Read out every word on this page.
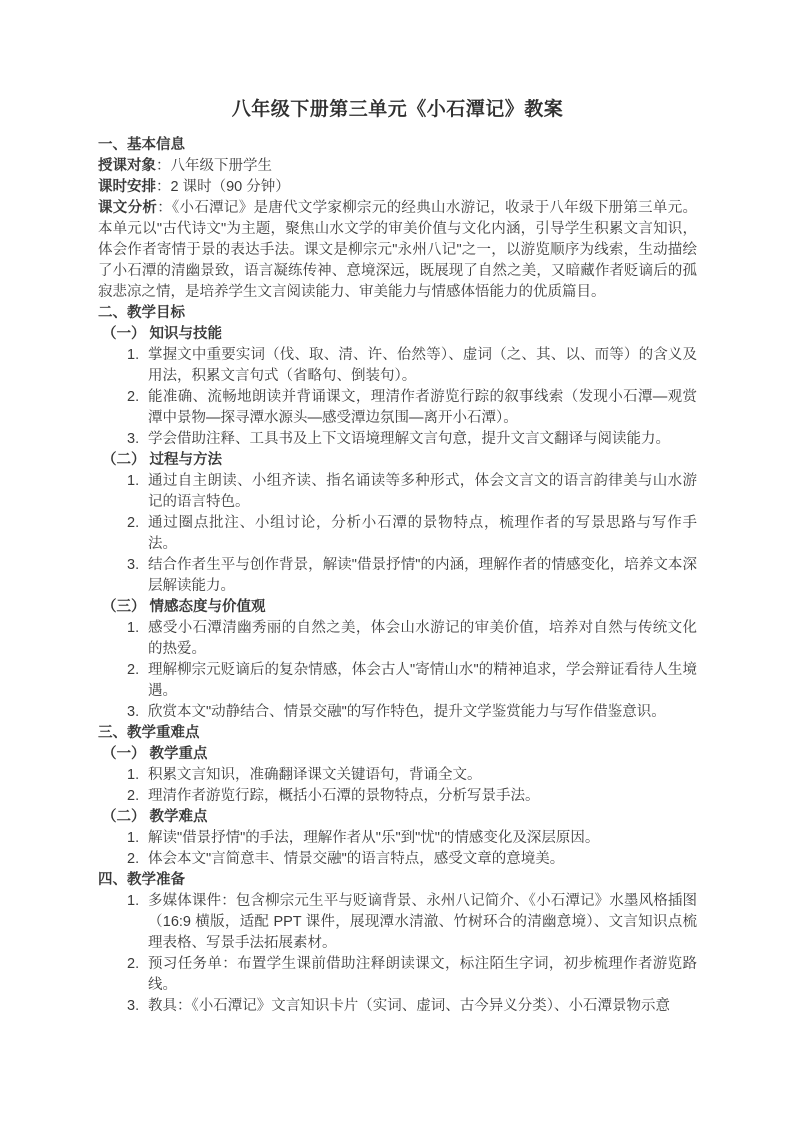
八年级下册第三单元《小石潭记》教案
一、基本信息
授课对象：八年级下册学生
课时安排：2 课时（90 分钟）
课文分析：《小石潭记》是唐代文学家柳宗元的经典山水游记，收录于八年级下册第三单元。本单元以"古代诗文"为主题，聚焦山水文学的审美价值与文化内涵，引导学生积累文言知识，体会作者寄情于景的表达手法。课文是柳宗元"永州八记"之一，以游览顺序为线索，生动描绘了小石潭的清幽景致，语言凝练传神、意境深远，既展现了自然之美，又暗藏作者贬谪后的孤寂悲凉之情，是培养学生文言阅读能力、审美能力与情感体悟能力的优质篇目。
二、教学目标
（一） 知识与技能
1. 掌握文中重要实词（伐、取、清、许、佁然等）、虚词（之、其、以、而等）的含义及用法，积累文言句式（省略句、倒装句）。
2. 能准确、流畅地朗读并背诵课文，理清作者游览行踪的叙事线索（发现小石潭—观赏潭中景物—探寻潭水源头—感受潭边氛围—离开小石潭）。
3. 学会借助注释、工具书及上下文语境理解文言句意，提升文言文翻译与阅读能力。
（二） 过程与方法
1. 通过自主朗读、小组齐读、指名诵读等多种形式，体会文言文的语言韵律美与山水游记的语言特色。
2. 通过圈点批注、小组讨论，分析小石潭的景物特点，梳理作者的写景思路与写作手法。
3. 结合作者生平与创作背景，解读"借景抒情"的内涵，理解作者的情感变化，培养文本深层解读能力。
（三） 情感态度与价值观
1. 感受小石潭清幽秀丽的自然之美，体会山水游记的审美价值，培养对自然与传统文化的热爱。
2. 理解柳宗元贬谪后的复杂情感，体会古人"寄情山水"的精神追求，学会辩证看待人生境遇。
3. 欣赏本文"动静结合、情景交融"的写作特色，提升文学鉴赏能力与写作借鉴意识。
三、教学重难点
（一） 教学重点
1. 积累文言知识，准确翻译课文关键语句，背诵全文。
2. 理清作者游览行踪，概括小石潭的景物特点，分析写景手法。
（二） 教学难点
1. 解读"借景抒情"的手法，理解作者从"乐"到"忧"的情感变化及深层原因。
2. 体会本文"言简意丰、情景交融"的语言特点，感受文章的意境美。
四、教学准备
1. 多媒体课件：包含柳宗元生平与贬谪背景、永州八记简介、《小石潭记》水墨风格插图（16:9 横版，适配 PPT 课件，展现潭水清澈、竹树环合的清幽意境）、文言知识点梳理表格、写景手法拓展素材。
2. 预习任务单：布置学生课前借助注释朗读课文，标注陌生字词，初步梳理作者游览路线。
3. 教具：《小石潭记》文言知识卡片（实词、虚词、古今异义分类）、小石潭景物示意
